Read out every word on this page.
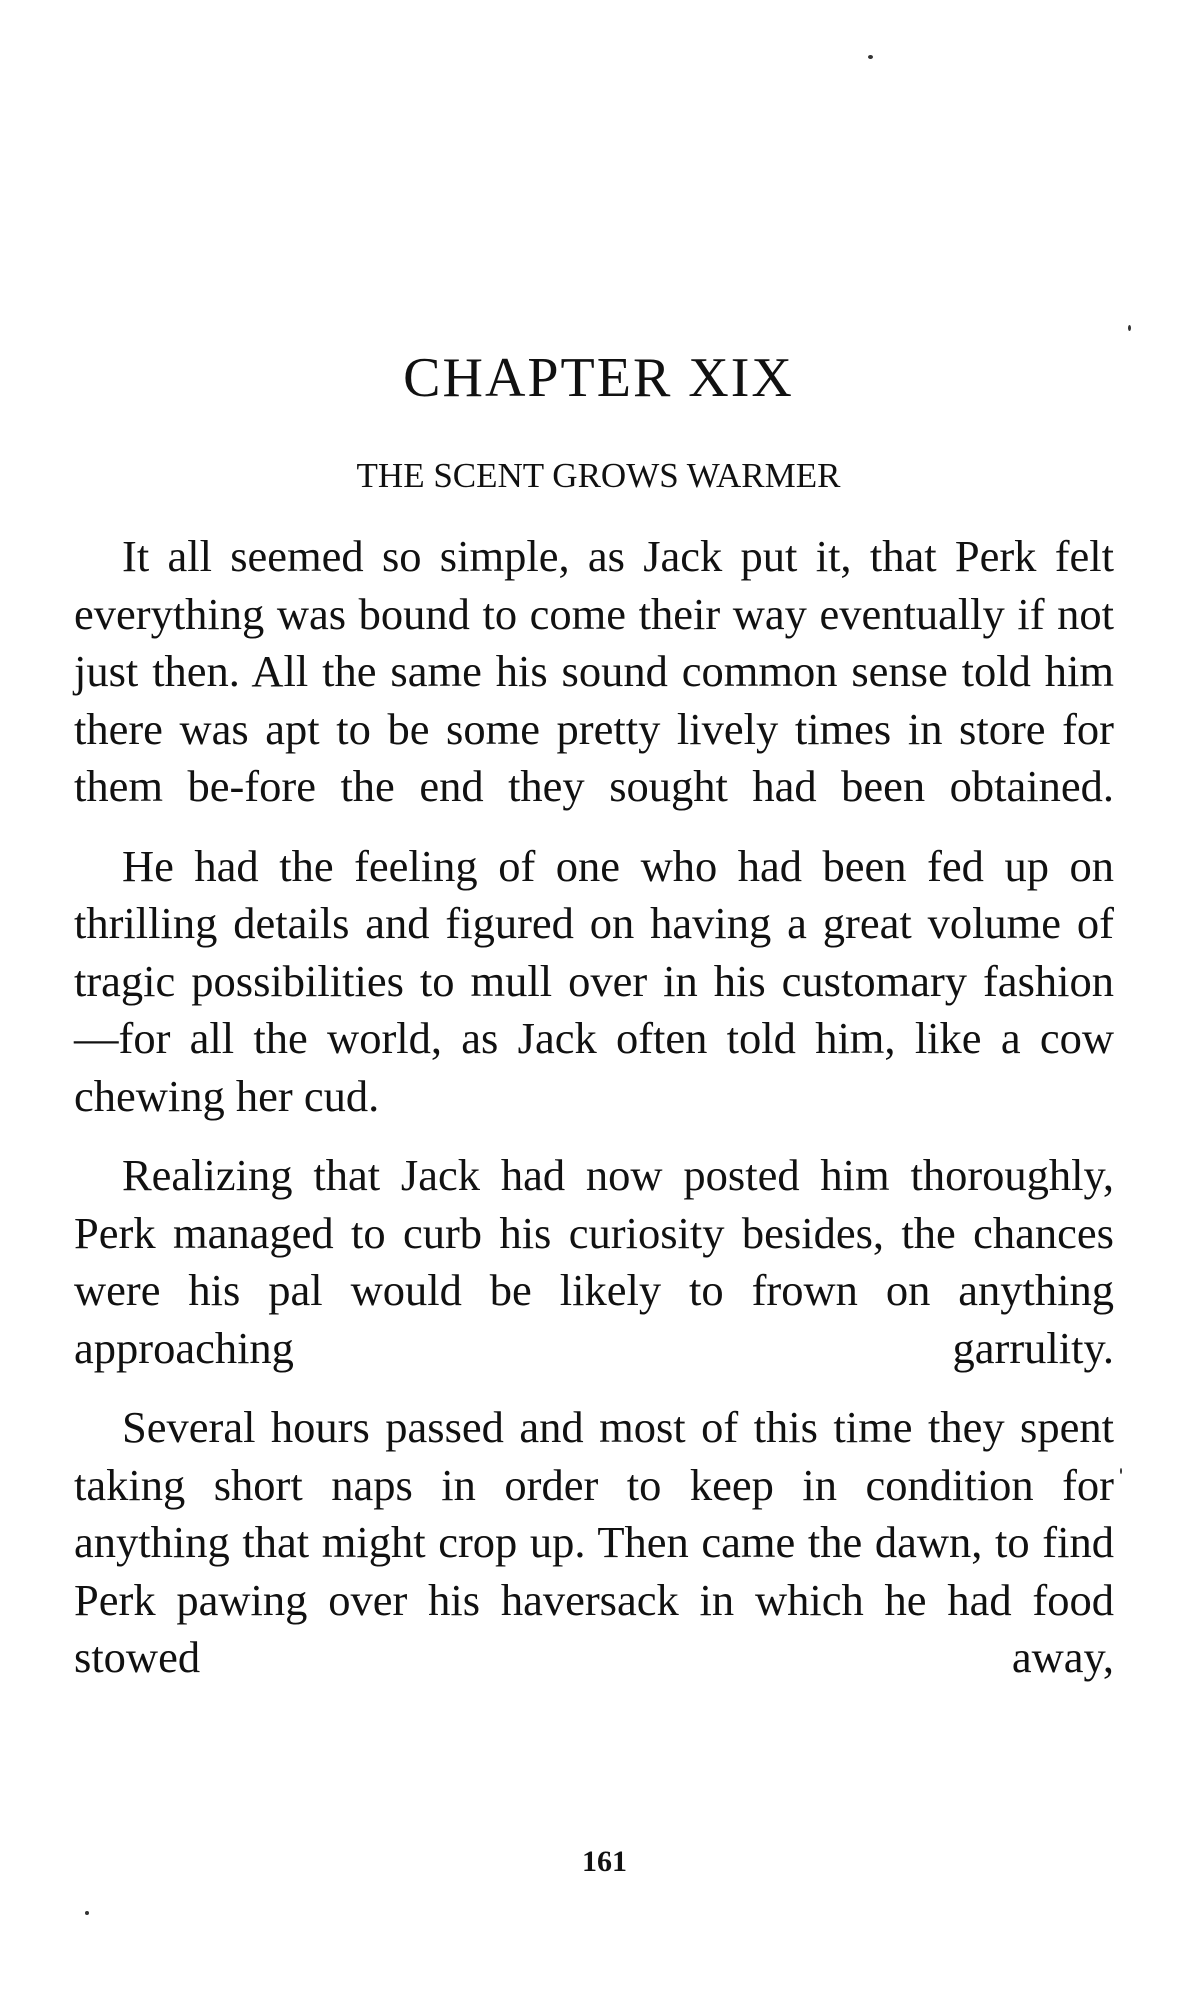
CHAPTER XIX
THE SCENT GROWS WARMER

It all seemed so simple, as Jack put it, that Perk felt everything was bound to come their way eventually if not just then. All the same his sound common sense told him there was apt to be some pretty lively times in store for them be-fore the end they sought had been obtained.

He had the feeling of one who had been fed up on thrilling details and figured on having a great volume of tragic possibilities to mull over in his customary fashion—for all the world, as Jack often told him, like a cow chewing her cud.

Realizing that Jack had now posted him thoroughly, Perk managed to curb his curiosity besides, the chances were his pal would be likely to frown on anything approaching garrulity.

Several hours passed and most of this time they spent taking short naps in order to keep in condition for anything that might crop up. Then came the dawn, to find Perk pawing over his haversack in which he had food stowed away,

161
